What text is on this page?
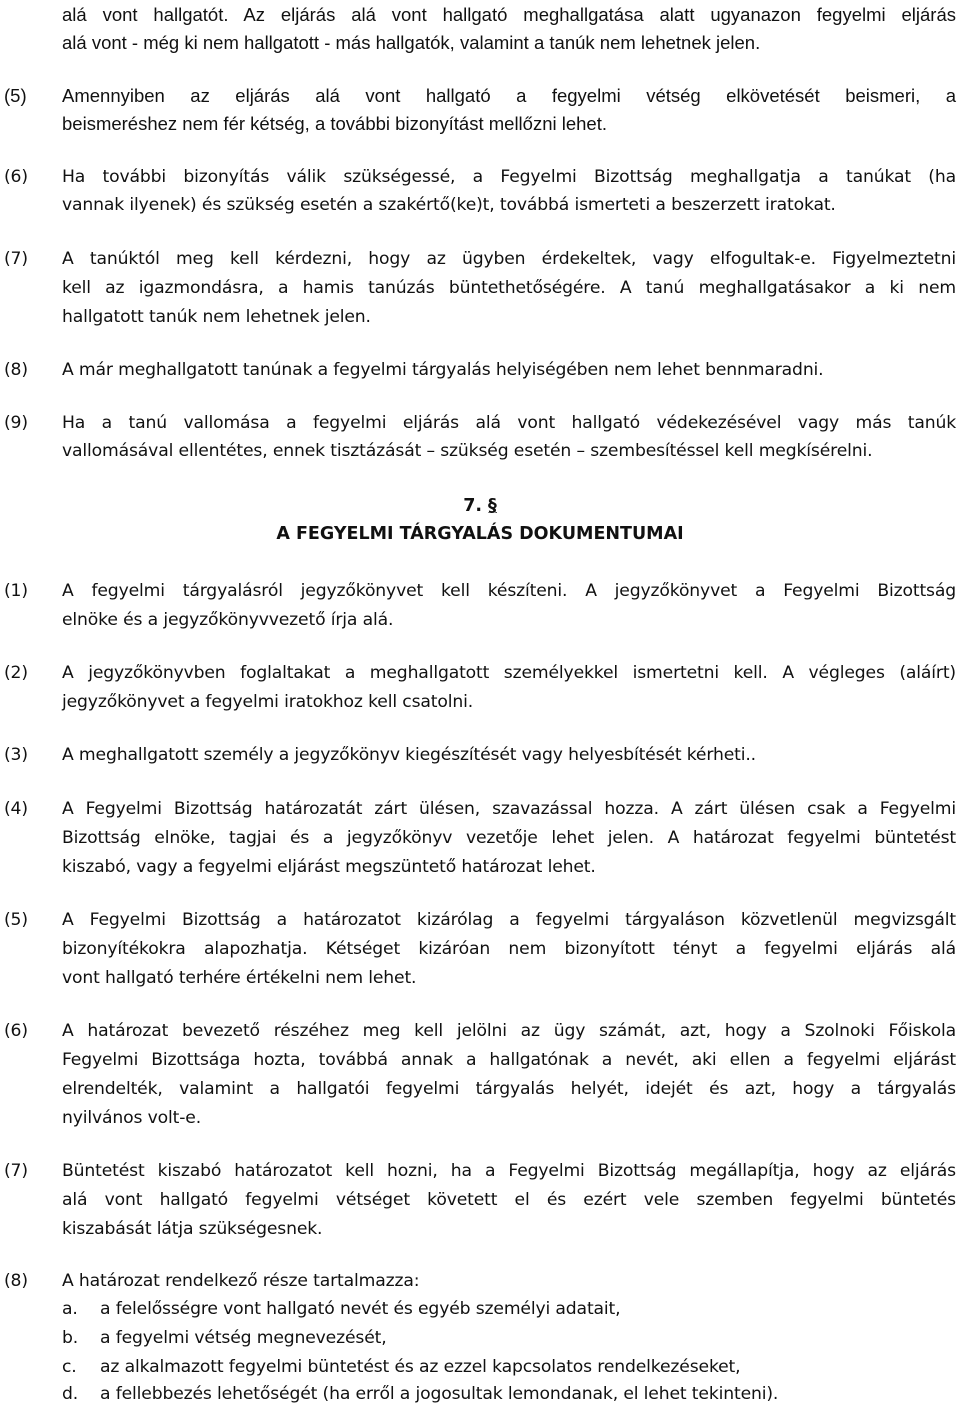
alá vont hallgatót. Az eljárás alá vont hallgató meghallgatása alatt ugyanazon fegyelmi eljárás
alá vont - még ki nem hallgatott - más hallgatók, valamint a tanúk nem lehetnek jelen.
(5) Amennyiben az eljárás alá vont hallgató a fegyelmi vétség elkövetését beismeri, a
beismeréshez nem fér kétség, a további bizonyítást mellőzni lehet.
(6) Ha további bizonyítás válik szükségessé, a Fegyelmi Bizottság meghallgatja a tanúkat (ha
vannak ilyenek) és szükség esetén a szakértő(ke)t, továbbá ismerteti a beszerzett iratokat.
(7) A tanúktól meg kell kérdezni, hogy az ügyben érdekeltek, vagy elfogultak-e. Figyelmeztetni
kell az igazmondásra, a hamis tanúzás büntethetőségére. A tanú meghallgatásakor a ki nem
hallgatott tanúk nem lehetnek jelen.
(8) A már meghallgatott tanúnak a fegyelmi tárgyalás helyiségében nem lehet bennmaradni.
(9) Ha a tanú vallomása a fegyelmi eljárás alá vont hallgató védekezésével vagy más tanúk
vallomásával ellentétes, ennek tisztázását – szükség esetén – szembesítéssel kell megkísérelni.
7. §
A FEGYELMI TÁRGYALÁS DOKUMENTUMAI
(1) A fegyelmi tárgyalásról jegyzőkönyvet kell készíteni. A jegyzőkönyvet a Fegyelmi Bizottság
elnöke és a jegyzőkönyvvezető írja alá.
(2) A jegyzőkönyvben foglaltakat a meghallgatott személyekkel ismertetni kell. A végleges (aláírt)
jegyzőkönyvet a fegyelmi iratokhoz kell csatolni.
(3) A meghallgatott személy a jegyzőkönyv kiegészítését vagy helyesbítését kérheti..
(4) A Fegyelmi Bizottság határozatát zárt ülésen, szavazással hozza. A zárt ülésen csak a Fegyelmi
Bizottság elnöke, tagjai és a jegyzőkönyv vezetője lehet jelen. A határozat fegyelmi büntetést
kiszabó, vagy a fegyelmi eljárást megszüntető határozat lehet.
(5) A Fegyelmi Bizottság a határozatot kizárólag a fegyelmi tárgyaláson közvetlenül megvizsgált
bizonyítékokra alapozhatja. Kétséget kizáróan nem bizonyított tényt a fegyelmi eljárás alá
vont hallgató terhére értékelni nem lehet.
(6) A határozat bevezető részéhez meg kell jelölni az ügy számát, azt, hogy a Szolnoki Főiskola
Fegyelmi Bizottsága hozta, továbbá annak a hallgatónak a nevét, aki ellen a fegyelmi eljárást
elrendelték, valamint a hallgatói fegyelmi tárgyalás helyét, idejét és azt, hogy a tárgyalás
nyilvános volt-e.
(7) Büntetést kiszabó határozatot kell hozni, ha a Fegyelmi Bizottság megállapítja, hogy az eljárás
alá vont hallgató fegyelmi vétséget követett el és ezért vele szemben fegyelmi büntetés
kiszabását látja szükségesnek.
(8) A határozat rendelkező része tartalmazza:
a. a felelősségre vont hallgató nevét és egyéb személyi adatait,
b. a fegyelmi vétség megnevezését,
c. az alkalmazott fegyelmi büntetést és az ezzel kapcsolatos rendelkezéseket,
d. a fellebbezés lehetőségét (ha erről a jogosultak lemondanak, el lehet tekinteni).
